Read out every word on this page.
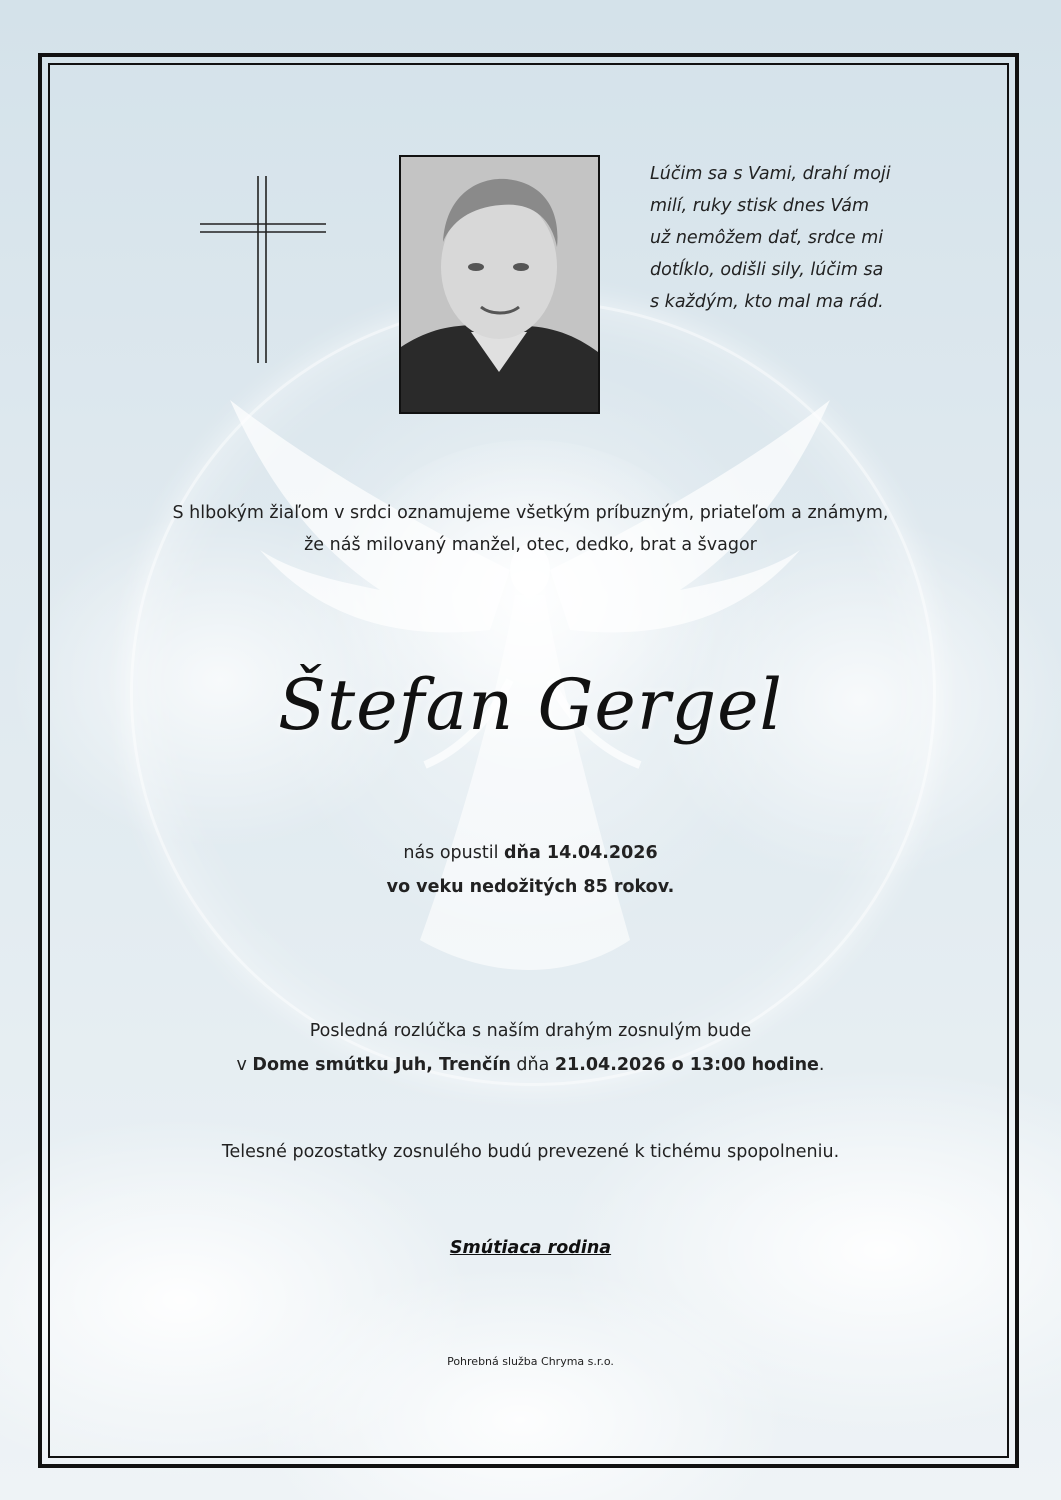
Lúčim sa s Vami, drahí moji
milí, ruky stisk dnes Vám
už nemôžem dať, srdce mi
dotĺklo, odišli sily, lúčim sa
s každým, kto mal ma rád.
S hlbokým žiaľom v srdci oznamujeme všetkým príbuzným, priateľom a známym,
že náš milovaný manžel, otec, dedko, brat a švagor
Štefan Gergel
nás opustil dňa 14.04.2026
vo veku nedožitých 85 rokov.
Posledná rozlúčka s naším drahým zosnulým bude
v Dome smútku Juh, Trenčín dňa 21.04.2026 o 13:00 hodine.
Telesné pozostatky zosnulého budú prevezené k tichému spopolneniu.
Smútiaca rodina
Pohrebná služba Chryma s.r.o.
